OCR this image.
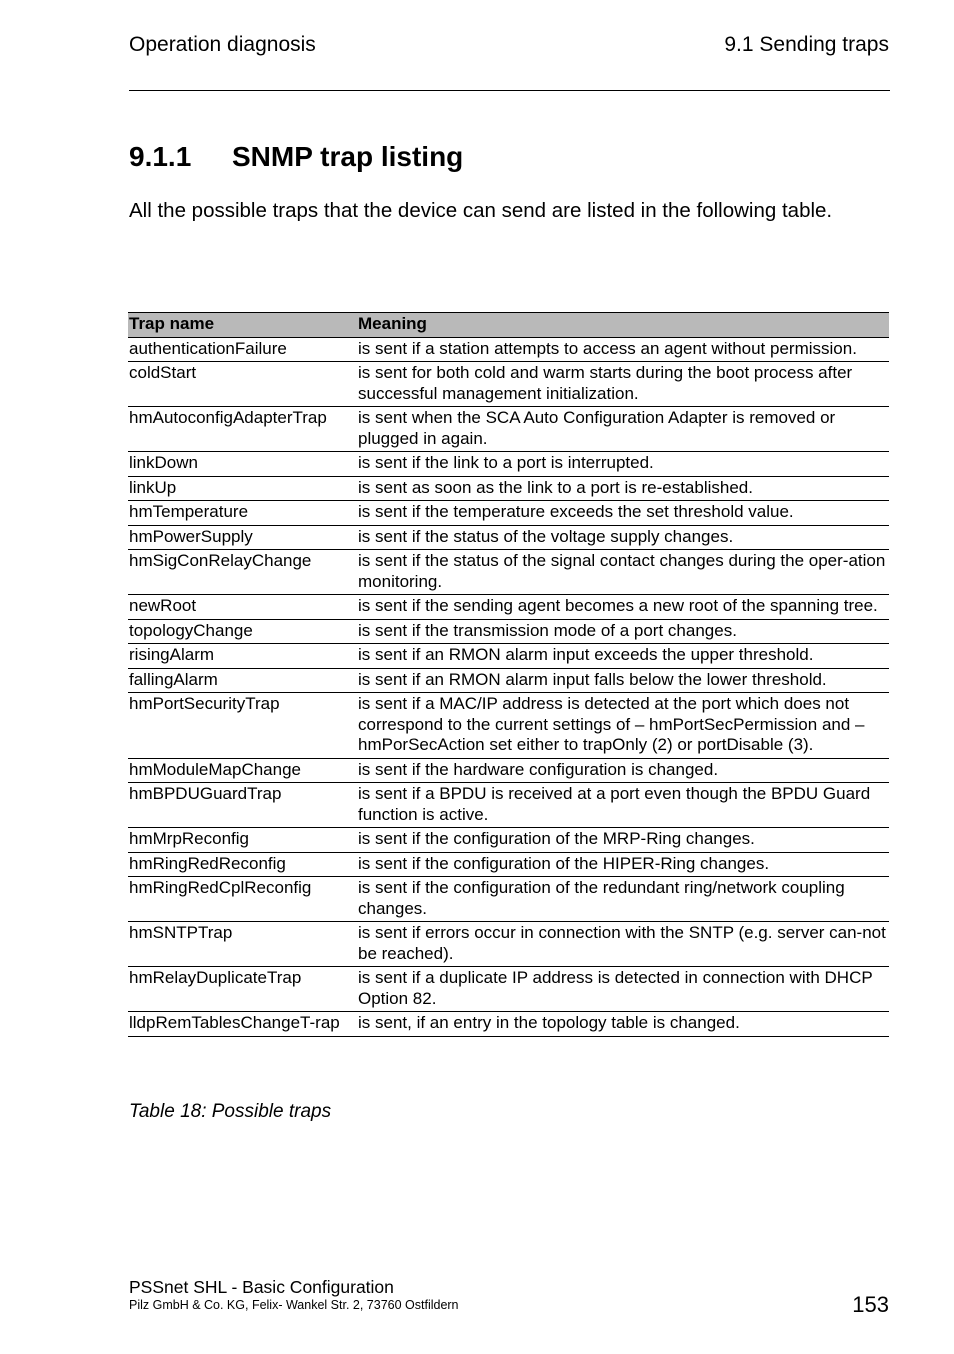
Operation diagnosis	9.1 Sending traps
9.1.1 SNMP trap listing

All the possible traps that the device can send are listed in the following table.

Trap name	Meaning
authenticationFailure	is sent if a station attempts to access an agent without permission.
coldStart	is sent for both cold and warm starts during the boot process after successful management initialization.
hmAutoconfigAdapterTrap	is sent when the SCA Auto Configuration Adapter is removed or plugged in again.
linkDown	is sent if the link to a port is interrupted.
linkUp	is sent as soon as the link to a port is re-established.
hmTemperature	is sent if the temperature exceeds the set threshold value.
hmPowerSupply	is sent if the status of the voltage supply changes.
hmSigConRelayChange	is sent if the status of the signal contact changes during the oper-ation monitoring.
newRoot	is sent if the sending agent becomes a new root of the spanning tree.
topologyChange	is sent if the transmission mode of a port changes.
risingAlarm	is sent if an RMON alarm input exceeds the upper threshold.
fallingAlarm	is sent if an RMON alarm input falls below the lower threshold.
hmPortSecurityTrap	is sent if a MAC/IP address is detected at the port which does not correspond to the current settings of – hmPortSecPermission and – hmPorSecAction set either to trapOnly (2) or portDisable (3).
hmModuleMapChange	is sent if the hardware configuration is changed.
hmBPDUGuardTrap	is sent if a BPDU is received at a port even though the BPDU Guard function is active.
hmMrpReconfig	is sent if the configuration of the MRP-Ring changes.
hmRingRedReconfig	is sent if the configuration of the HIPER-Ring changes.
hmRingRedCplReconfig	is sent if the configuration of the redundant ring/network coupling changes.
hmSNTPTrap	is sent if errors occur in connection with the SNTP (e.g. server can-not be reached).
hmRelayDuplicateTrap	is sent if a duplicate IP address is detected in connection with DHCP Option 82.
lldpRemTablesChangeT-rap	is sent, if an entry in the topology table is changed.
Table 18: Possible traps
PSSnet SHL - Basic Configuration
Pilz GmbH & Co. KG, Felix- Wankel Str. 2, 73760 Ostfildern	153
